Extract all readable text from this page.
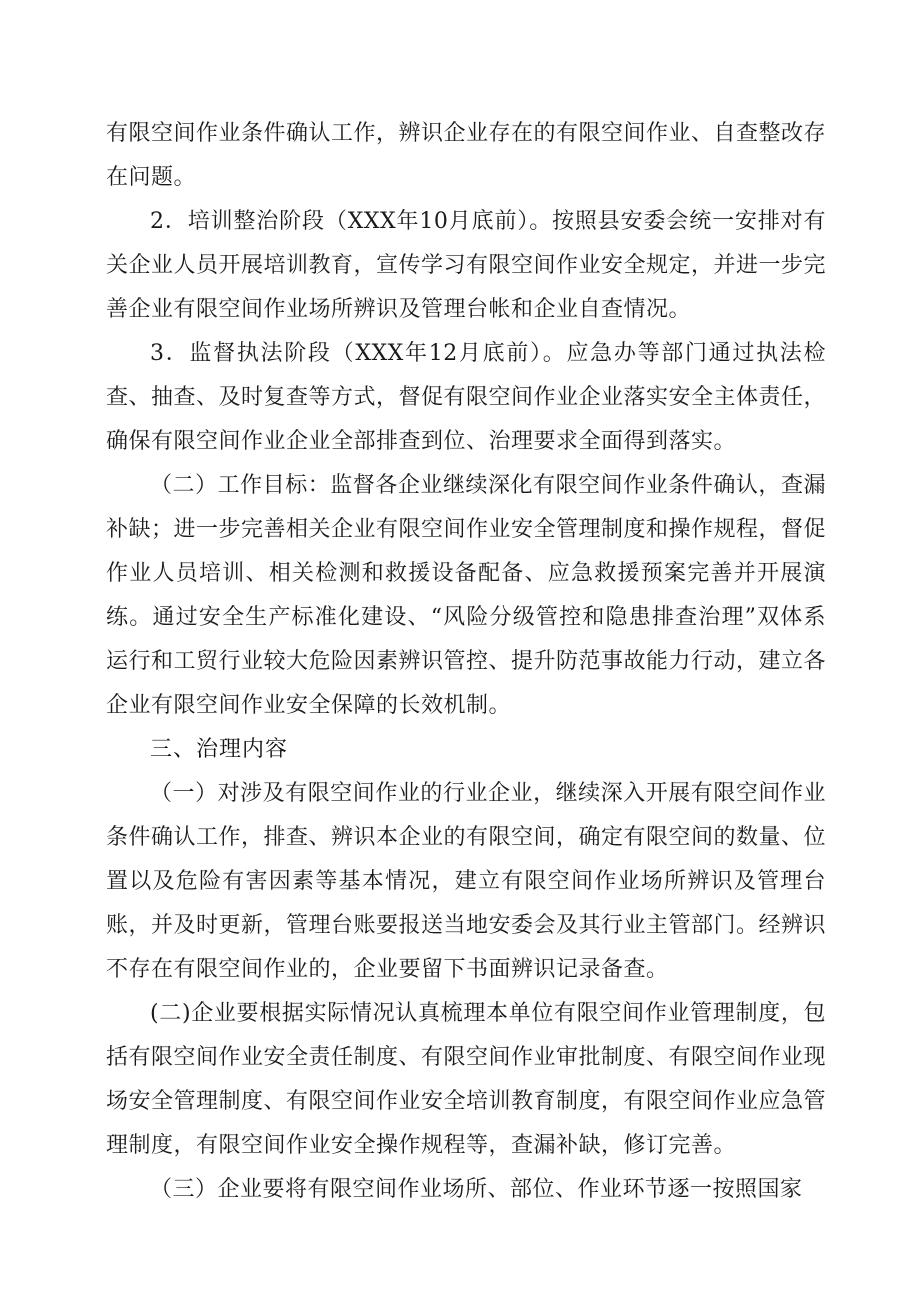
有限空间作业条件确认工作，辨识企业存在的有限空间作业、自查整改存在问题。

2．培训整治阶段（XXX年10月底前）。按照县安委会统一安排对有关企业人员开展培训教育，宣传学习有限空间作业安全规定，并进一步完善企业有限空间作业场所辨识及管理台帐和企业自查情况。

3．监督执法阶段（XXX年12月底前）。应急办等部门通过执法检查、抽查、及时复查等方式，督促有限空间作业企业落实安全主体责任，确保有限空间作业企业全部排查到位、治理要求全面得到落实。

（二）工作目标：监督各企业继续深化有限空间作业条件确认，查漏补缺；进一步完善相关企业有限空间作业安全管理制度和操作规程，督促作业人员培训、相关检测和救援设备配备、应急救援预案完善并开展演练。通过安全生产标准化建设、“风险分级管控和隐患排查治理”双体系运行和工贸行业较大危险因素辨识管控、提升防范事故能力行动，建立各企业有限空间作业安全保障的长效机制。

三、治理内容

（一）对涉及有限空间作业的行业企业，继续深入开展有限空间作业条件确认工作，排查、辨识本企业的有限空间，确定有限空间的数量、位置以及危险有害因素等基本情况，建立有限空间作业场所辨识及管理台账，并及时更新，管理台账要报送当地安委会及其行业主管部门。经辨识不存在有限空间作业的，企业要留下书面辨识记录备查。

(二)企业要根据实际情况认真梳理本单位有限空间作业管理制度，包括有限空间作业安全责任制度、有限空间作业审批制度、有限空间作业现场安全管理制度、有限空间作业安全培训教育制度，有限空间作业应急管理制度，有限空间作业安全操作规程等，查漏补缺，修订完善。

（三）企业要将有限空间作业场所、部位、作业环节逐一按照国家
